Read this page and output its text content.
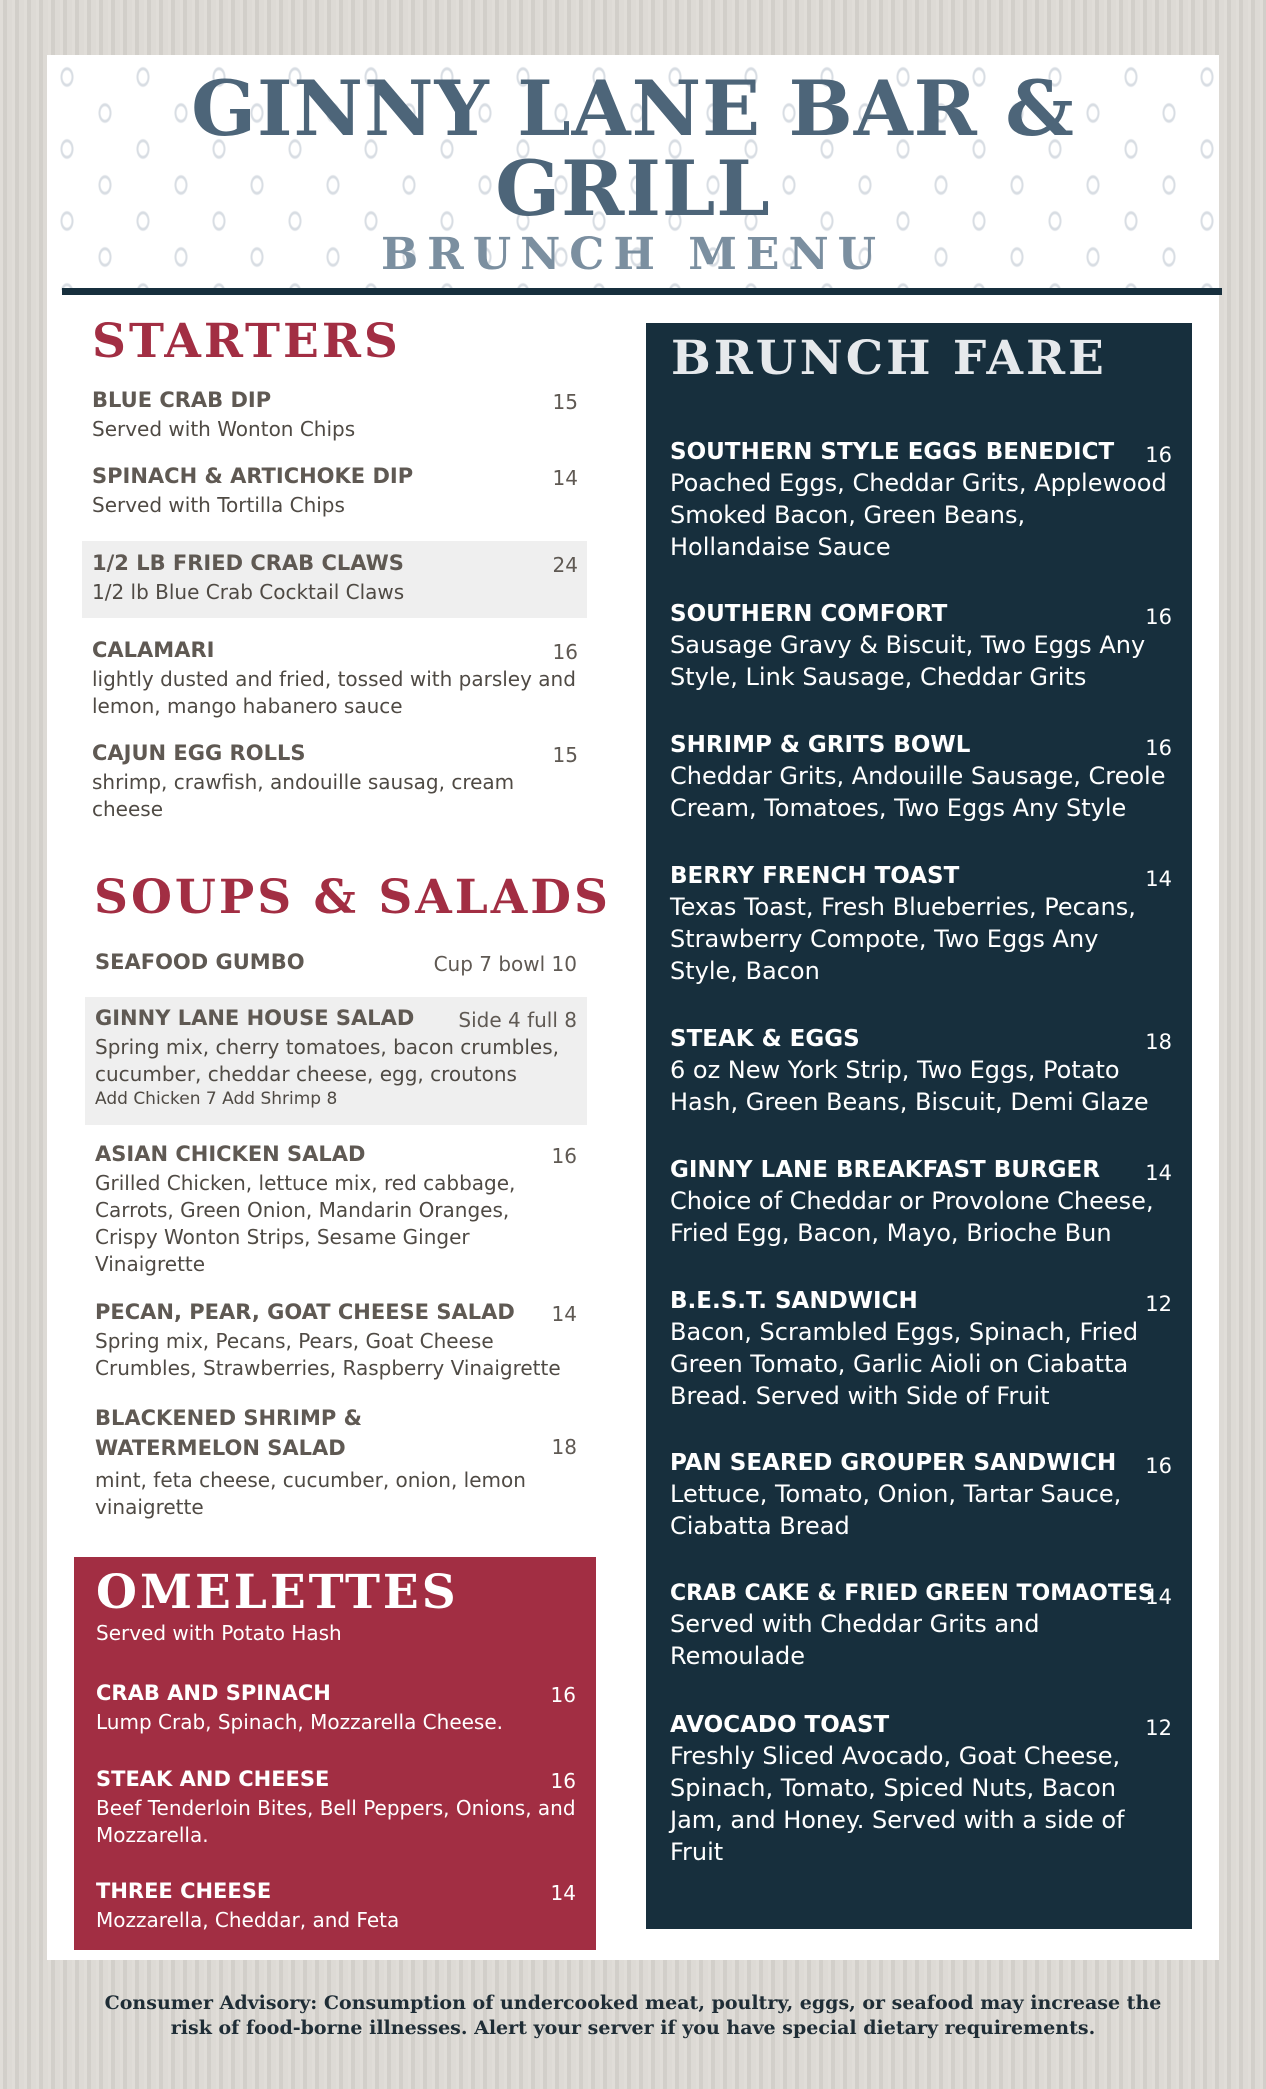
GINNY LANE BAR & GRILL
BRUNCH MENU
STARTERS
BLUE CRAB DIP	15
Served with Wonton Chips
SPINACH & ARTICHOKE DIP	14
Served with Tortilla Chips
1/2 LB FRIED CRAB CLAWS	24
1/2 lb Blue Crab Cocktail Claws
CALAMARI	16
lightly dusted and fried, tossed with parsley and lemon, mango habanero sauce
CAJUN EGG ROLLS	15
shrimp, crawfish, andouille sausag, cream cheese
SOUPS & SALADS
SEAFOOD GUMBO	Cup 7 bowl 10
GINNY LANE HOUSE SALAD	Side 4 full 8
Spring mix, cherry tomatoes, bacon crumbles, cucumber, cheddar cheese, egg, croutons
Add Chicken 7 Add Shrimp 8
ASIAN CHICKEN SALAD	16
Grilled Chicken, lettuce mix, red cabbage, Carrots, Green Onion, Mandarin Oranges, Crispy Wonton Strips, Sesame Ginger Vinaigrette
PECAN, PEAR, GOAT CHEESE SALAD	14
Spring mix, Pecans, Pears, Goat Cheese Crumbles, Strawberries, Raspberry Vinaigrette
BLACKENED SHRIMP & WATERMELON SALAD	18
mint, feta cheese, cucumber, onion, lemon vinaigrette
OMELETTES
Served with Potato Hash
CRAB AND SPINACH	16
Lump Crab, Spinach, Mozzarella Cheese.
STEAK AND CHEESE	16
Beef Tenderloin Bites, Bell Peppers, Onions, and Mozzarella.
THREE CHEESE	14
Mozzarella, Cheddar, and Feta
BRUNCH FARE
SOUTHERN STYLE EGGS BENEDICT	16
Poached Eggs, Cheddar Grits, Applewood Smoked Bacon, Green Beans, Hollandaise Sauce
SOUTHERN COMFORT	16
Sausage Gravy & Biscuit, Two Eggs Any Style, Link Sausage, Cheddar Grits
SHRIMP & GRITS BOWL	16
Cheddar Grits, Andouille Sausage, Creole Cream, Tomatoes, Two Eggs Any Style
BERRY FRENCH TOAST	14
Texas Toast, Fresh Blueberries, Pecans, Strawberry Compote, Two Eggs Any Style, Bacon
STEAK & EGGS	18
6 oz New York Strip, Two Eggs, Potato Hash, Green Beans, Biscuit, Demi Glaze
GINNY LANE BREAKFAST BURGER	14
Choice of Cheddar or Provolone Cheese, Fried Egg, Bacon, Mayo, Brioche Bun
B.E.S.T. SANDWICH	12
Bacon, Scrambled Eggs, Spinach, Fried Green Tomato, Garlic Aioli on Ciabatta Bread. Served with Side of Fruit
PAN SEARED GROUPER SANDWICH	16
Lettuce, Tomato, Onion, Tartar Sauce, Ciabatta Bread
CRAB CAKE & FRIED GREEN TOMAOTES
14
Served with Cheddar Grits and Remoulade
AVOCADO TOAST	12
Freshly Sliced Avocado, Goat Cheese, Spinach, Tomato, Spiced Nuts, Bacon Jam, and Honey. Served with a side of Fruit
Consumer Advisory: Consumption of undercooked meat, poultry, eggs, or seafood may increase the risk of food-borne illnesses. Alert your server if you have special dietary requirements.
